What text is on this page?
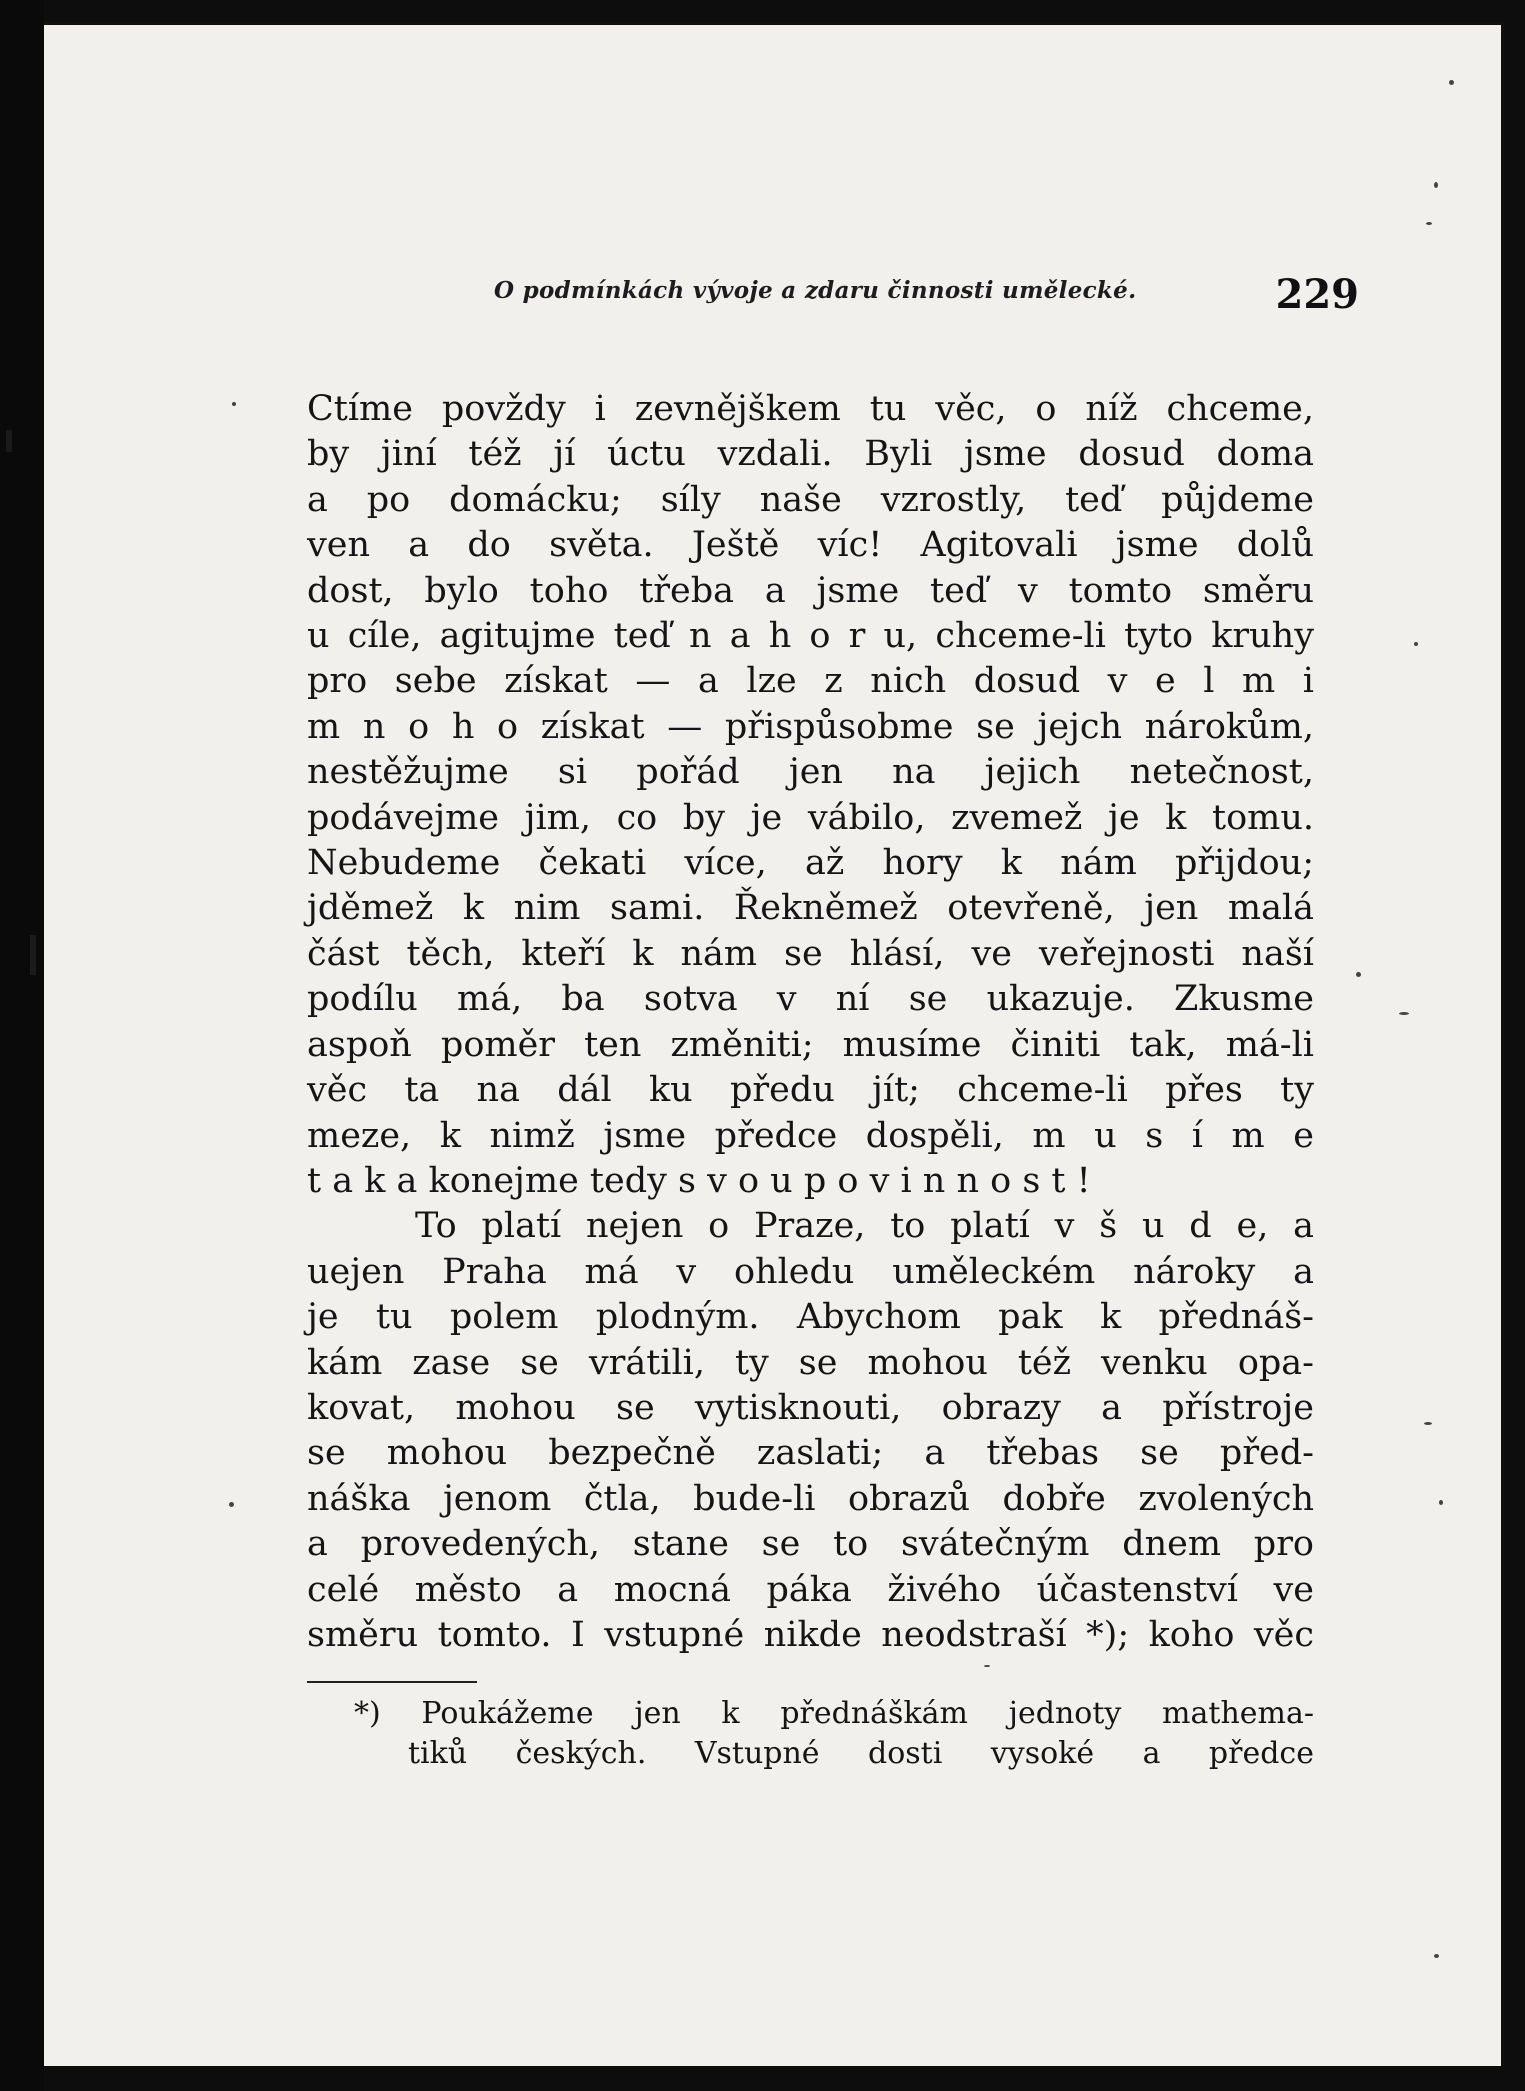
O podmínkách vývoje a zdaru činnosti umělecké.	229
Ctíme povždy i zevnějškem tu věc, o níž chceme,
by jiní též jí úctu vzdali. Byli jsme dosud doma
a po domácku; síly naše vzrostly, teď půjdeme
ven a do světa. Ještě víc! Agitovali jsme dolů
dost, bylo toho třeba a jsme teď v tomto směru
u cíle, agitujme teď n a h o r u, chceme-li tyto kruhy
pro sebe získat — a lze z nich dosud v e l m i
m n o h o získat — přispůsobme se jejch nárokům,
nestěžujme si pořád jen na jejich netečnost,
podávejme jim, co by je vábilo, zvemež je k tomu.
Nebudeme čekati více, až hory k nám přijdou;
jděmež k nim sami. Řekněmež otevřeně, jen malá
část těch, kteří k nám se hlásí, ve veřejnosti naší
podílu má, ba sotva v ní se ukazuje. Zkusme
aspoň poměr ten změniti; musíme činiti tak, má-li
věc ta na dál ku předu jít; chceme-li přes ty
meze, k nimž jsme předce dospěli, m u s í m e
t a k a konejme tedy s v o u p o v i n n o s t !
To platí nejen o Praze, to platí v š u d e, a
uejen Praha má v ohledu uměleckém nároky a
je tu polem plodným. Abychom pak k přednáš-
kám zase se vrátili, ty se mohou též venku opa-
kovat, mohou se vytisknouti, obrazy a přístroje
se mohou bezpečně zaslati; a třebas se před-
náška jenom čtla, bude-li obrazů dobře zvolených
a provedených, stane se to svátečným dnem pro
celé město a mocná páka živého účastenství ve
směru tomto. I vstupné nikde neodstraší *); koho věc
*) Poukážeme jen k přednáškám jednoty mathema-
tiků českých. Vstupné dosti vysoké a předce
